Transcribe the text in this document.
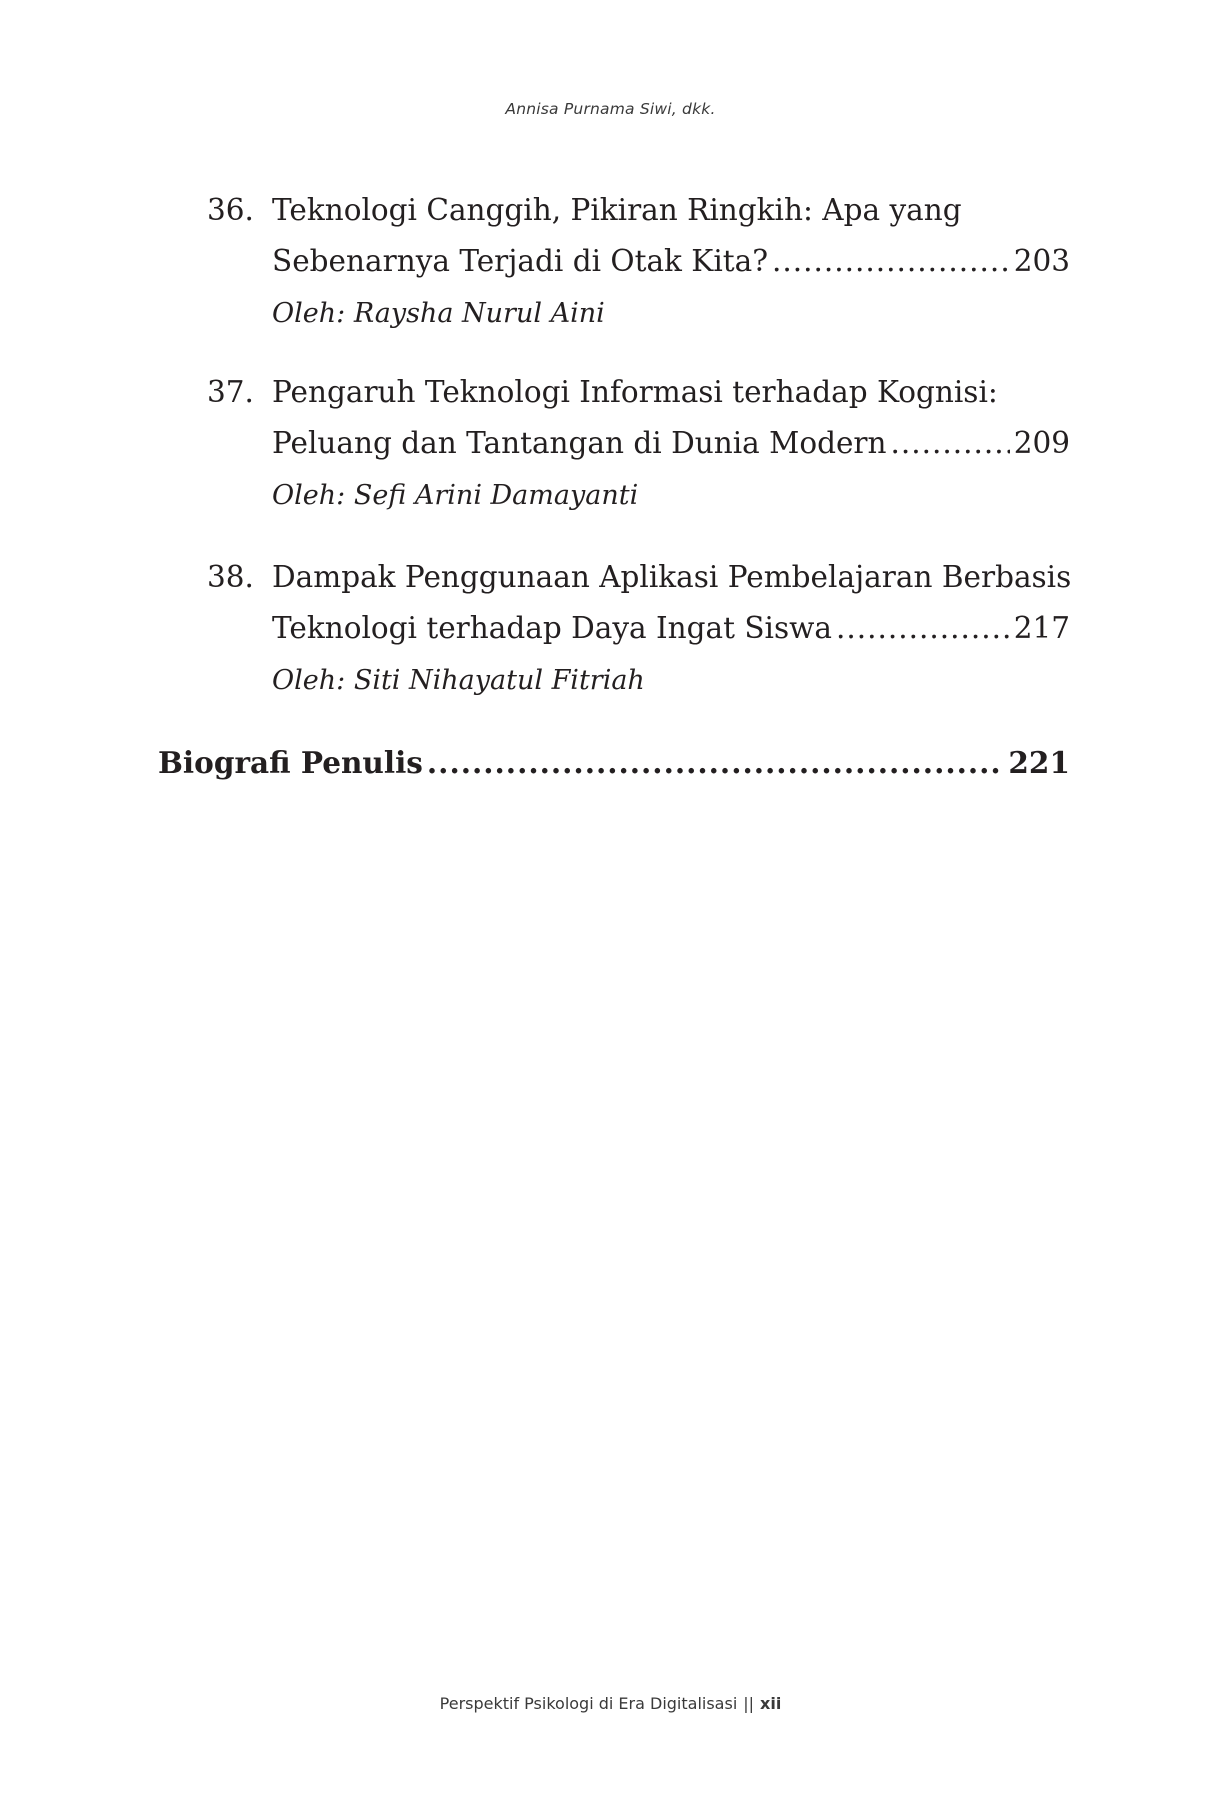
Annisa Purnama Siwi, dkk.
36. Teknologi Canggih, Pikiran Ringkih: Apa yang
Sebenarnya Terjadi di Otak Kita? .....	203
Oleh: Raysha Nurul Aini
37. Pengaruh Teknologi Informasi terhadap Kognisi:
Peluang dan Tantangan di Dunia Modern .....	209
Oleh: Sefi Arini Damayanti
38. Dampak Penggunaan Aplikasi Pembelajaran Berbasis
Teknologi terhadap Daya Ingat Siswa .....	217
Oleh: Siti Nihayatul Fitriah
Biografi Penulis .....	221
Perspektif Psikologi di Era Digitalisasi || xii
